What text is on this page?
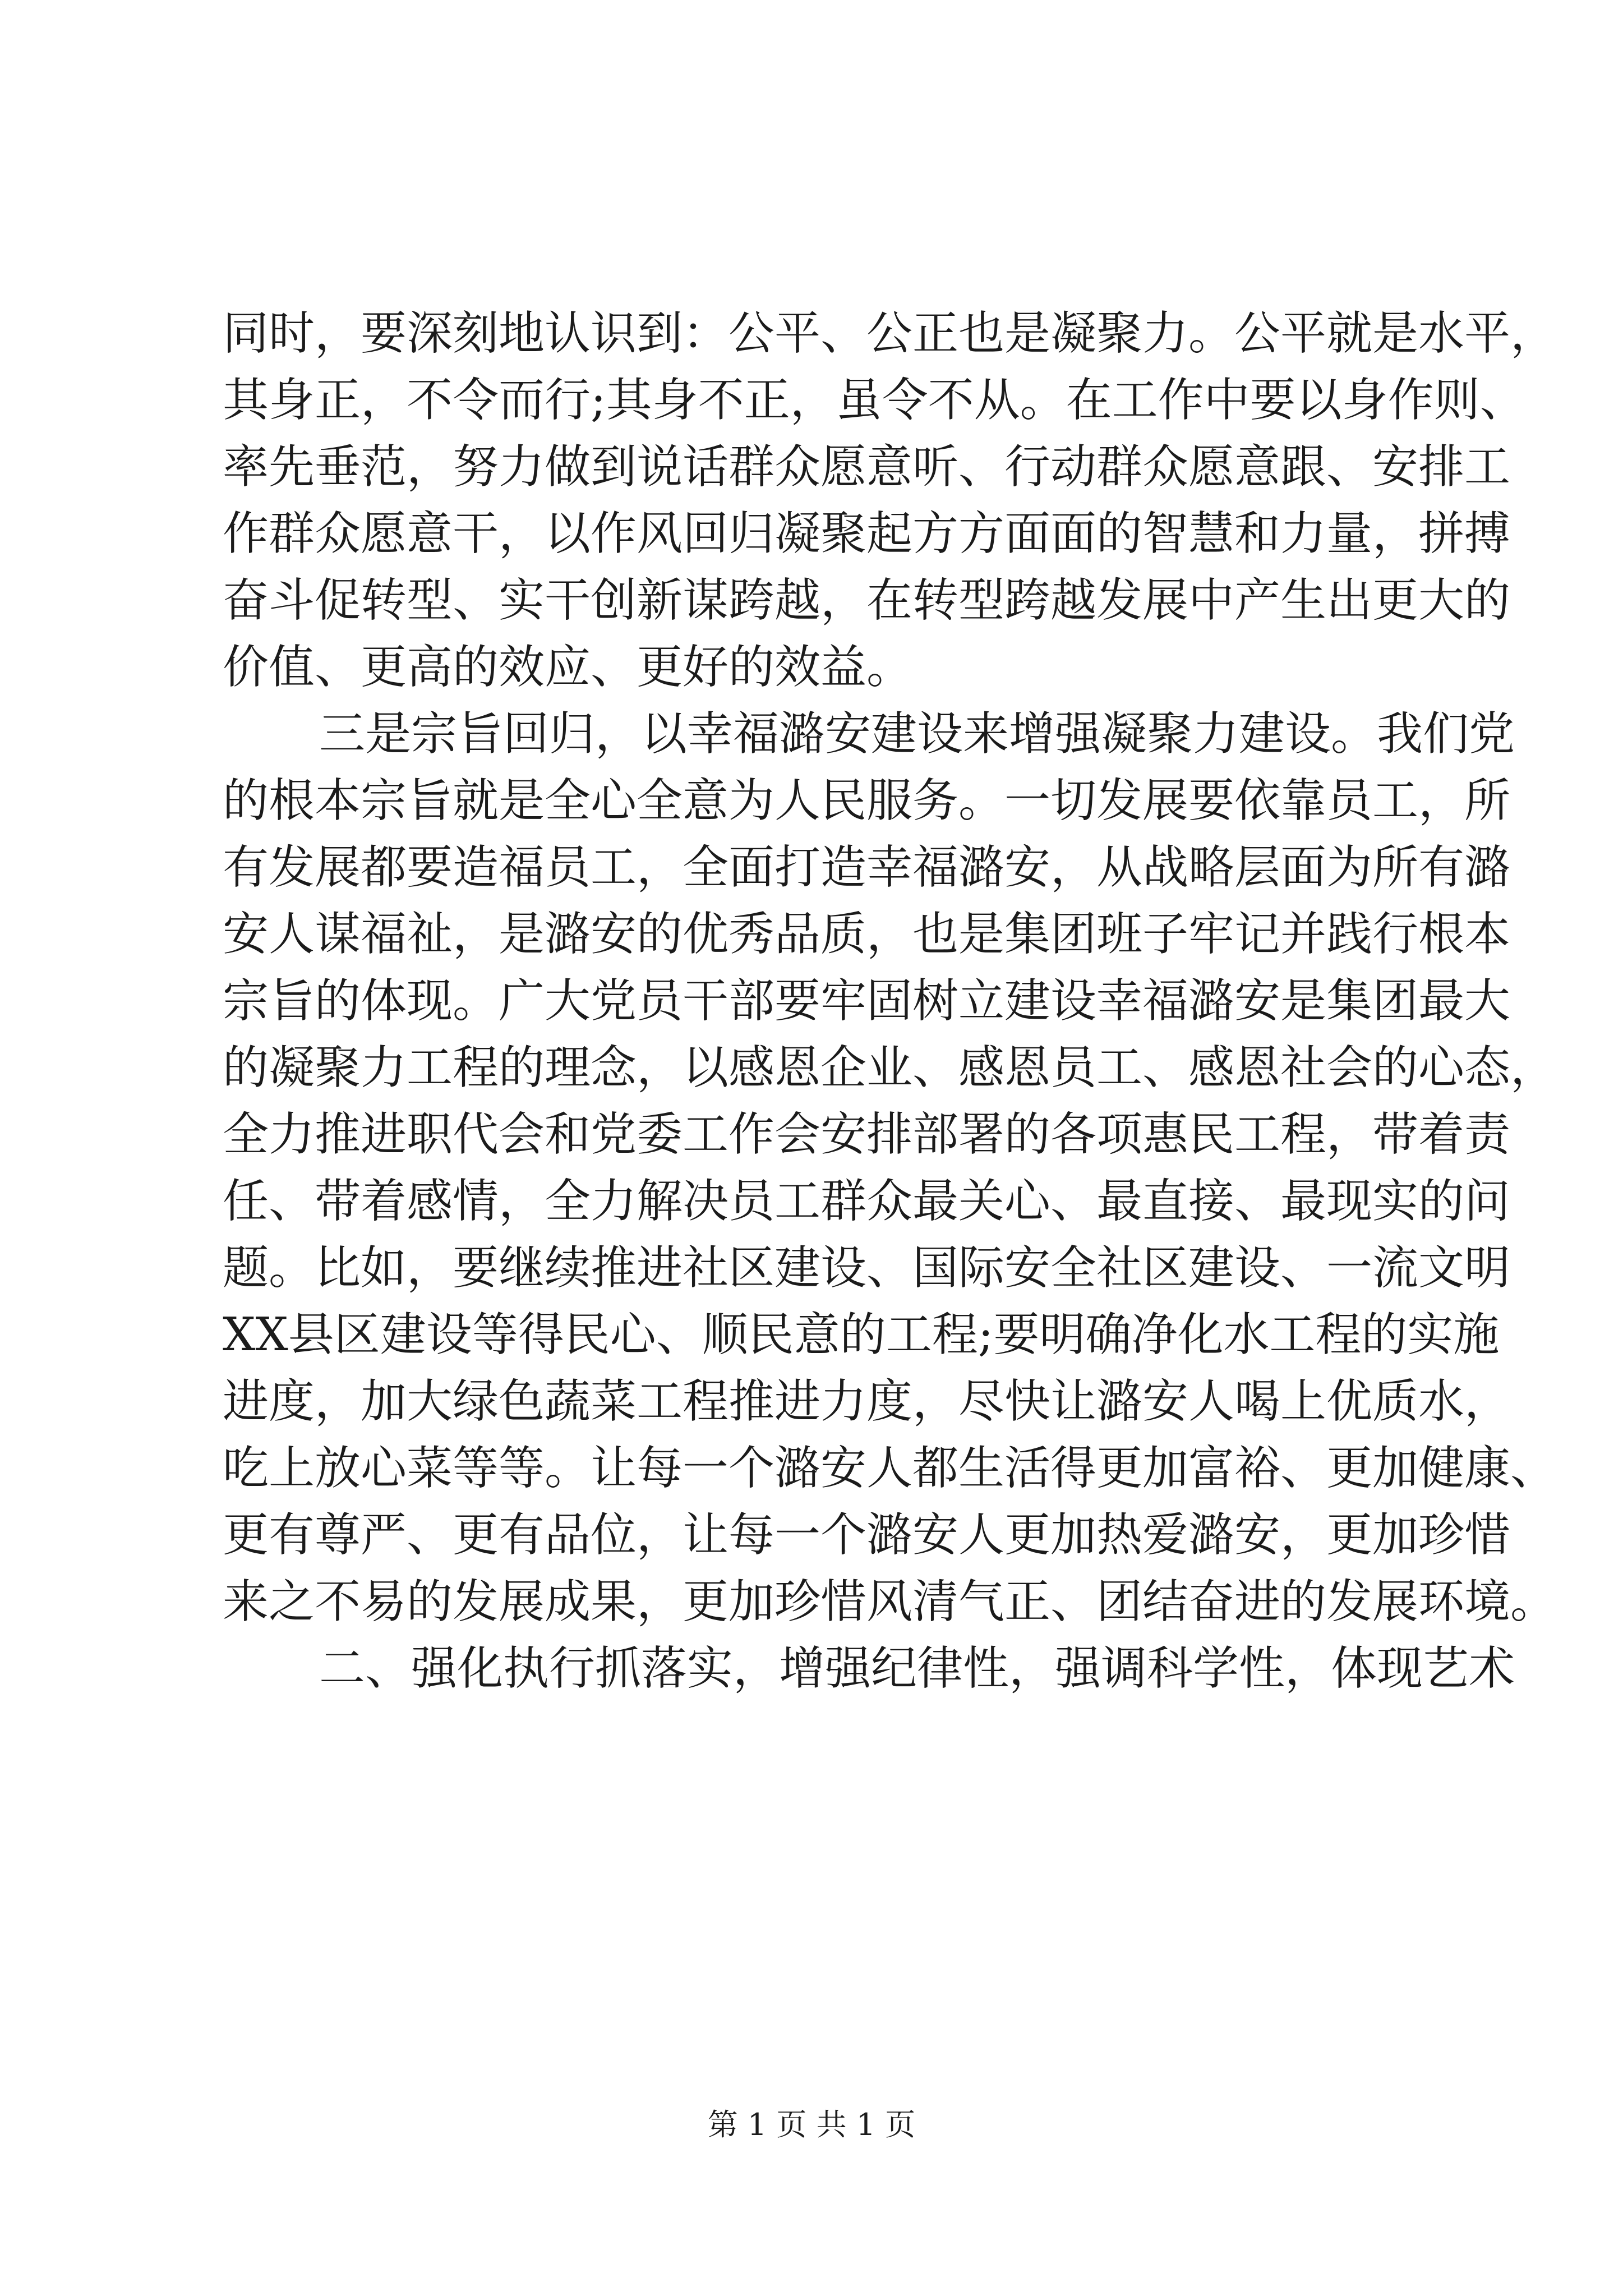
同时，要深刻地认识到：公平、公正也是凝聚力。公平就是水平，
其身正，不令而行;其身不正，虽令不从。在工作中要以身作则、
率先垂范，努力做到说话群众愿意听、行动群众愿意跟、安排工
作群众愿意干，以作风回归凝聚起方方面面的智慧和力量，拼搏
奋斗促转型、实干创新谋跨越，在转型跨越发展中产生出更大的
价值、更高的效应、更好的效益。
三是宗旨回归，以幸福潞安建设来增强凝聚力建设。我们党
的根本宗旨就是全心全意为人民服务。一切发展要依靠员工，所
有发展都要造福员工，全面打造幸福潞安，从战略层面为所有潞
安人谋福祉，是潞安的优秀品质，也是集团班子牢记并践行根本
宗旨的体现。广大党员干部要牢固树立建设幸福潞安是集团最大
的凝聚力工程的理念，以感恩企业、感恩员工、感恩社会的心态，
全力推进职代会和党委工作会安排部署的各项惠民工程，带着责
任、带着感情，全力解决员工群众最关心、最直接、最现实的问
题。比如，要继续推进社区建设、国际安全社区建设、一流文明
XX县区建设等得民心、顺民意的工程;要明确净化水工程的实施
进度，加大绿色蔬菜工程推进力度，尽快让潞安人喝上优质水，
吃上放心菜等等。让每一个潞安人都生活得更加富裕、更加健康、
更有尊严、更有品位，让每一个潞安人更加热爱潞安，更加珍惜
来之不易的发展成果，更加珍惜风清气正、团结奋进的发展环境。
二、强化执行抓落实，增强纪律性，强调科学性，体现艺术
第 1 页 共 1 页
